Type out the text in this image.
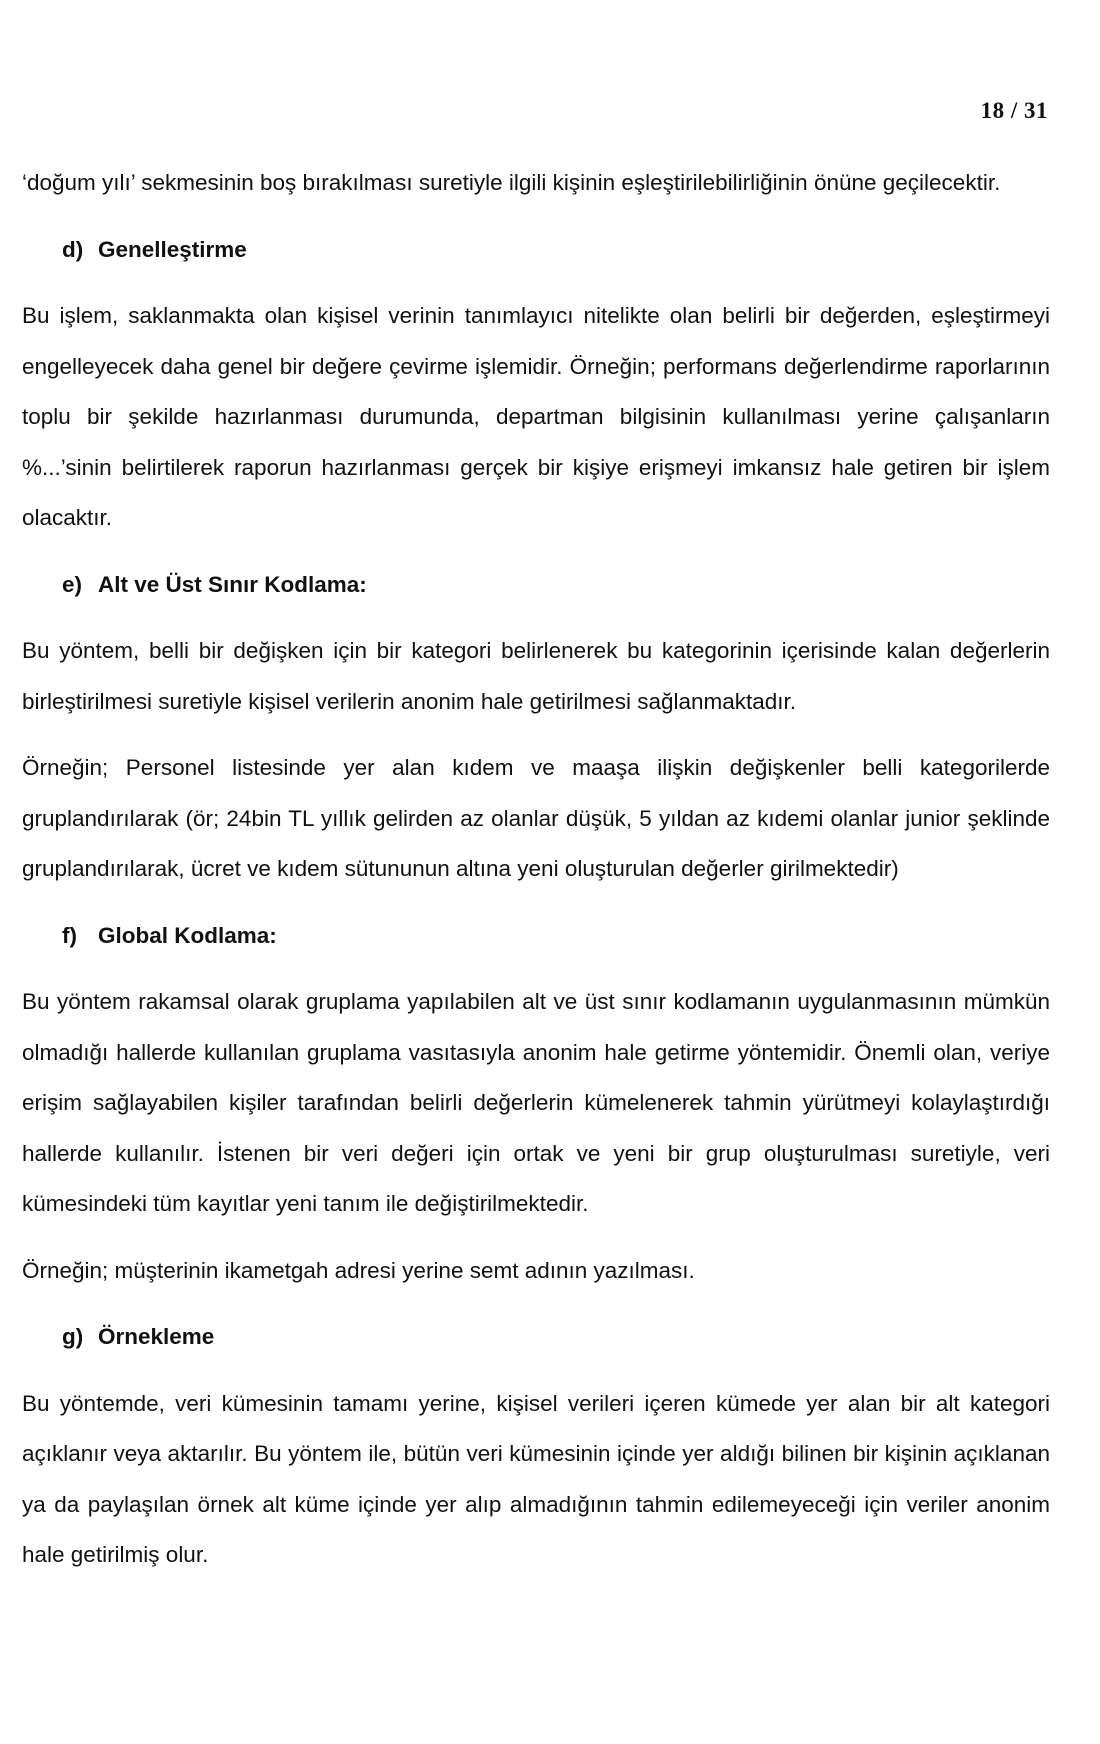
18 / 31

‘doğum yılı’ sekmesinin boş bırakılması suretiyle ilgili kişinin eşleştirilebilirliğinin önüne geçilecektir.

d) Genelleştirme

Bu işlem, saklanmakta olan kişisel verinin tanımlayıcı nitelikte olan belirli bir değerden, eşleştirmeyi engelleyecek daha genel bir değere çevirme işlemidir. Örneğin; performans değerlendirme raporlarının toplu bir şekilde hazırlanması durumunda, departman bilgisinin kullanılması yerine çalışanların %...’sinin belirtilerek raporun hazırlanması gerçek bir kişiye erişmeyi imkansız hale getiren bir işlem olacaktır.

e) Alt ve Üst Sınır Kodlama:

Bu yöntem, belli bir değişken için bir kategori belirlenerek bu kategorinin içerisinde kalan değerlerin birleştirilmesi suretiyle kişisel verilerin anonim hale getirilmesi sağlanmaktadır.

Örneğin; Personel listesinde yer alan kıdem ve maaşa ilişkin değişkenler belli kategorilerde gruplandırılarak (ör; 24bin TL yıllık gelirden az olanlar düşük, 5 yıldan az kıdemi olanlar junior şeklinde gruplandırılarak, ücret ve kıdem sütununun altına yeni oluşturulan değerler girilmektedir)

f) Global Kodlama:

Bu yöntem rakamsal olarak gruplama yapılabilen alt ve üst sınır kodlamanın uygulanmasının mümkün olmadığı hallerde kullanılan gruplama vasıtasıyla anonim hale getirme yöntemidir. Önemli olan, veriye erişim sağlayabilen kişiler tarafından belirli değerlerin kümelenerek tahmin yürütmeyi kolaylaştırdığı hallerde kullanılır. İstenen bir veri değeri için ortak ve yeni bir grup oluşturulması suretiyle, veri kümesindeki tüm kayıtlar yeni tanım ile değiştirilmektedir.

Örneğin; müşterinin ikametgah adresi yerine semt adının yazılması.

g) Örnekleme

Bu yöntemde, veri kümesinin tamamı yerine, kişisel verileri içeren kümede yer alan bir alt kategori açıklanır veya aktarılır. Bu yöntem ile, bütün veri kümesinin içinde yer aldığı bilinen bir kişinin açıklanan ya da paylaşılan örnek alt küme içinde yer alıp almadığının tahmin edilemeyeceği için veriler anonim hale getirilmiş olur.
